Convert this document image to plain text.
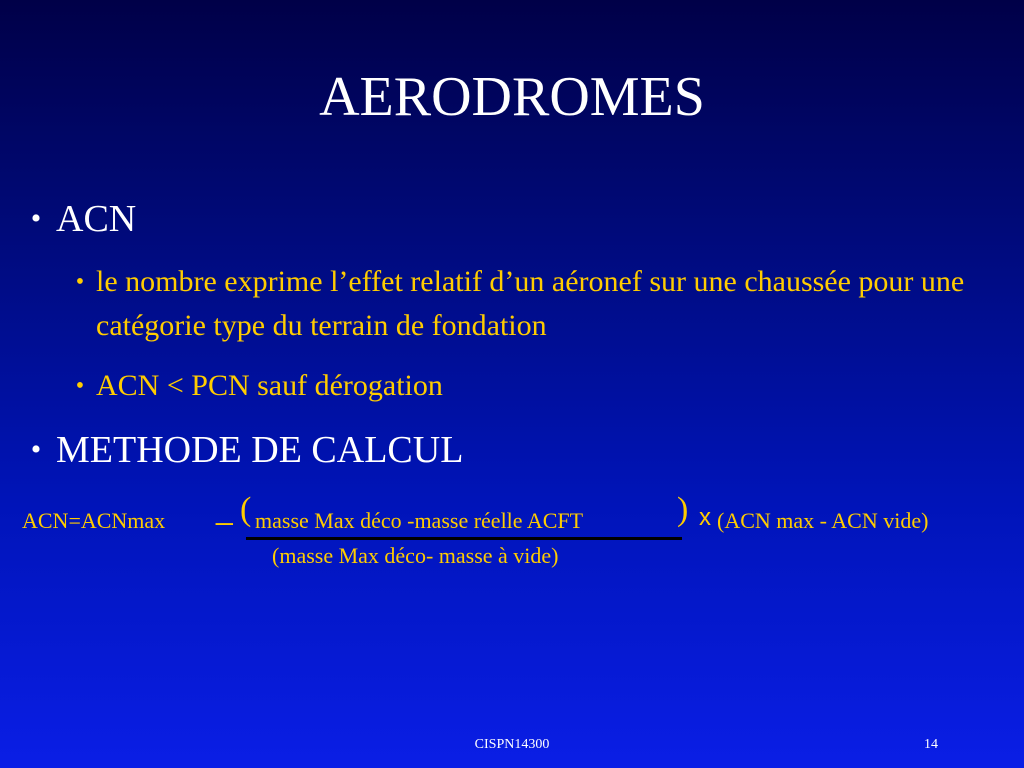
AERODROMES
• ACN
• le nombre exprime l’effet relatif d’un aéronef sur une chaussée pour une catégorie type du terrain de fondation
• ACN < PCN sauf dérogation
• METHODE DE CALCUL
ACN=ACNmax _ ( masse Max déco -masse réelle ACFT	) x (ACN max - ACN vide)
(masse Max déco- masse à vide)
CISPN14300	14
